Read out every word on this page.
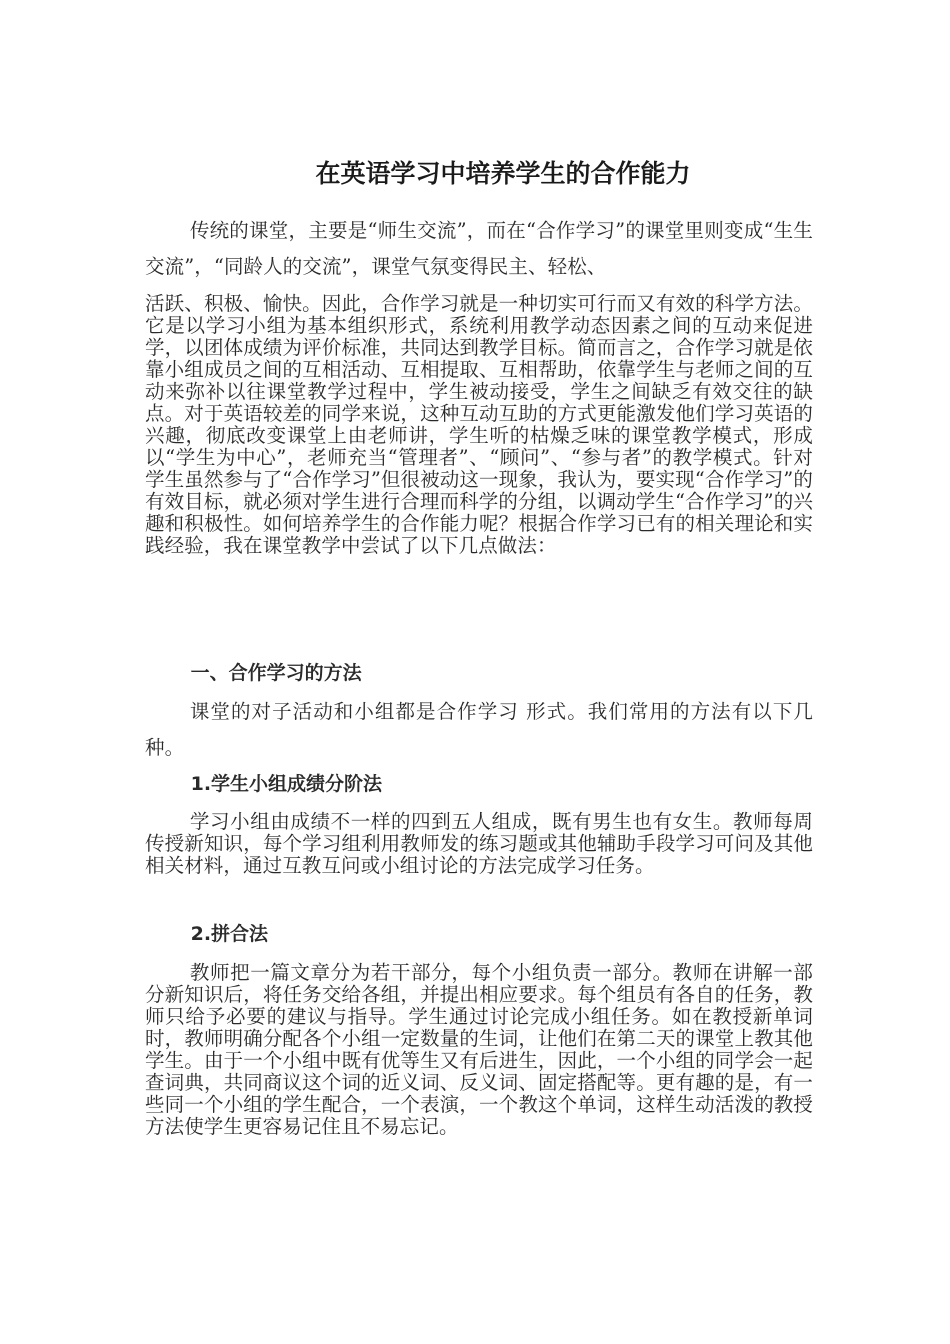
在英语学习中培养学生的合作能力

传统的课堂，主要是“师生交流”，而在“合作学习”的课堂里则变成“生生交流”，“同龄人的交流”，课堂气氛变得民主、轻松、

活跃、积极、愉快。因此，合作学习就是一种切实可行而又有效的科学方法。它是以学习小组为基本组织形式，系统利用教学动态因素之间的互动来促进学，以团体成绩为评价标准，共同达到教学目标。简而言之，合作学习就是依靠小组成员之间的互相活动、互相提取、互相帮助，依靠学生与老师之间的互动来弥补以往课堂教学过程中，学生被动接受，学生之间缺乏有效交往的缺点。对于英语较差的同学来说，这种互动互助的方式更能激发他们学习英语的兴趣，彻底改变课堂上由老师讲，学生听的枯燥乏味的课堂教学模式，形成以“学生为中心”，老师充当“管理者”、“顾问”、“参与者”的教学模式。针对学生虽然参与了“合作学习”但很被动这一现象，我认为，要实现“合作学习”的有效目标，就必须对学生进行合理而科学的分组，以调动学生“合作学习”的兴趣和积极性。如何培养学生的合作能力呢？根据合作学习已有的相关理论和实践经验，我在课堂教学中尝试了以下几点做法：

一、合作学习的方法

课堂的对子活动和小组都是合作学习 形式。我们常用的方法有以下几种。

1.学生小组成绩分阶法

学习小组由成绩不一样的四到五人组成，既有男生也有女生。教师每周传授新知识，每个学习组利用教师发的练习题或其他辅助手段学习可问及其他相关材料，通过互教互问或小组讨论的方法完成学习任务。

2.拼合法

教师把一篇文章分为若干部分，每个小组负责一部分。教师在讲解一部分新知识后，将任务交给各组，并提出相应要求。每个组员有各自的任务，教师只给予必要的建议与指导。学生通过讨论完成小组任务。如在教授新单词时，教师明确分配各个小组一定数量的生词，让他们在第二天的课堂上教其他学生。由于一个小组中既有优等生又有后进生，因此，一个小组的同学会一起查词典，共同商议这个词的近义词、反义词、固定搭配等。更有趣的是，有一些同一个小组的学生配合，一个表演，一个教这个单词，这样生动活泼的教授方法使学生更容易记住且不易忘记。
